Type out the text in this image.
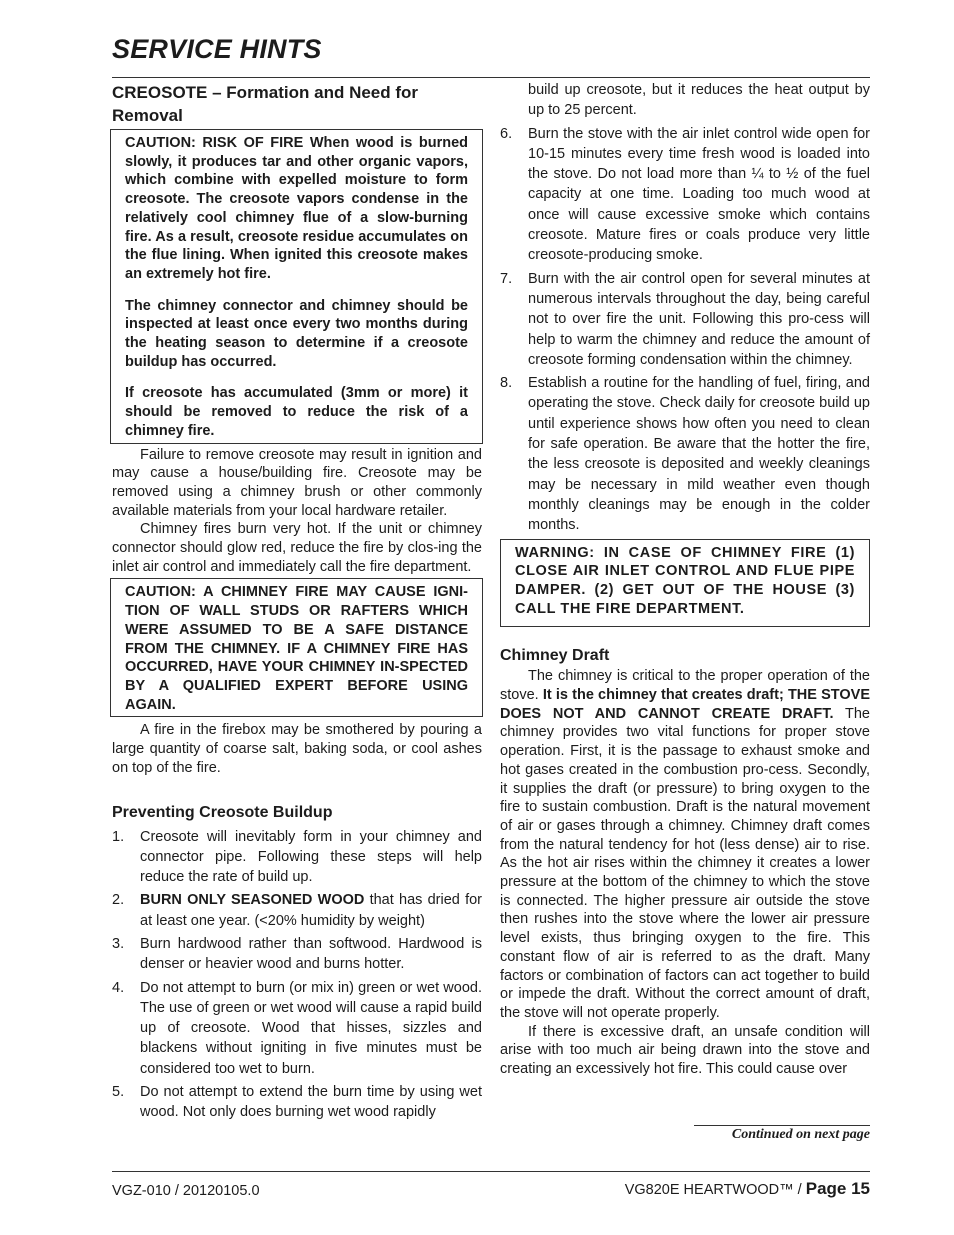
SERVICE HINTS
CREOSOTE – Formation and Need for Removal

CAUTION: RISK OF FIRE When wood is burned slowly, it produces tar and other organic vapors, which combine with expelled moisture to form creosote. The creosote vapors condense in the relatively cool chimney flue of a slow-burning fire. As a result, creosote residue accumulates on the flue lining. When ignited this creosote makes an extremely hot fire.

The chimney connector and chimney should be inspected at least once every two months during the heating season to determine if a creosote buildup has occurred.

If creosote has accumulated (3mm or more) it should be removed to reduce the risk of a chimney fire.

Failure to remove creosote may result in ignition and may cause a house/building fire. Creosote may be removed using a chimney brush or other commonly available materials from your local hardware retailer.

Chimney fires burn very hot. If the unit or chimney connector should glow red, reduce the fire by clos-ing the inlet air control and immediately call the fire department.

CAUTION: A CHIMNEY FIRE MAY CAUSE IGNI-TION OF WALL STUDS OR RAFTERS WHICH WERE ASSUMED TO BE A SAFE DISTANCE FROM THE CHIMNEY. IF A CHIMNEY FIRE HAS OCCURRED, HAVE YOUR CHIMNEY IN-SPECTED BY A QUALIFIED EXPERT BEFORE USING AGAIN.

A fire in the firebox may be smothered by pouring a large quantity of coarse salt, baking soda, or cool ashes on top of the fire.

Preventing Creosote Buildup
1. Creosote will inevitably form in your chimney and connector pipe. Following these steps will help reduce the rate of build up.
2. BURN ONLY SEASONED WOOD that has dried for at least one year. (<20% humidity by weight)
3. Burn hardwood rather than softwood. Hardwood is denser or heavier wood and burns hotter.
4. Do not attempt to burn (or mix in) green or wet wood. The use of green or wet wood will cause a rapid build up of creosote. Wood that hisses, sizzles and blackens without igniting in five minutes must be considered too wet to burn.
5. Do not attempt to extend the burn time by using wet wood. Not only does burning wet wood rapidly
build up creosote, but it reduces the heat output by up to 25 percent.
6. Burn the stove with the air inlet control wide open for 10-15 minutes every time fresh wood is loaded into the stove. Do not load more than ¼ to ½ of the fuel capacity at one time. Loading too much wood at once will cause excessive smoke which contains creosote. Mature fires or coals produce very little creosote-producing smoke.
7. Burn with the air control open for several minutes at numerous intervals throughout the day, being careful not to over fire the unit. Following this pro-cess will help to warm the chimney and reduce the amount of creosote forming condensation within the chimney.
8. Establish a routine for the handling of fuel, firing, and operating the stove. Check daily for creosote build up until experience shows how often you need to clean for safe operation. Be aware that the hotter the fire, the less creosote is deposited and weekly cleanings may be necessary in mild weather even though monthly cleanings may be enough in the colder months.

WARNING: IN CASE OF CHIMNEY FIRE (1) CLOSE AIR INLET CONTROL AND FLUE PIPE DAMPER. (2) GET OUT OF THE HOUSE (3) CALL THE FIRE DEPARTMENT.

Chimney Draft

The chimney is critical to the proper operation of the stove. It is the chimney that creates draft; THE STOVE DOES NOT AND CANNOT CREATE DRAFT. The chimney provides two vital functions for proper stove operation. First, it is the passage to exhaust smoke and hot gases created in the combustion pro-cess. Secondly, it supplies the draft (or pressure) to bring oxygen to the fire to sustain combustion. Draft is the natural movement of air or gases through a chimney. Chimney draft comes from the natural tendency for hot (less dense) air to rise. As the hot air rises within the chimney it creates a lower pressure at the bottom of the chimney to which the stove is connected. The higher pressure air outside the stove then rushes into the stove where the lower air pressure level exists, thus bringing oxygen to the fire. This constant flow of air is referred to as the draft. Many factors or combination of factors can act together to build or impede the draft. Without the correct amount of draft, the stove will not operate properly.

If there is excessive draft, an unsafe condition will arise with too much air being drawn into the stove and creating an excessively hot fire. This could cause over

Continued on next page
VGZ-010 / 20120105.0	VG820E HEARTWOOD™ / Page 15
